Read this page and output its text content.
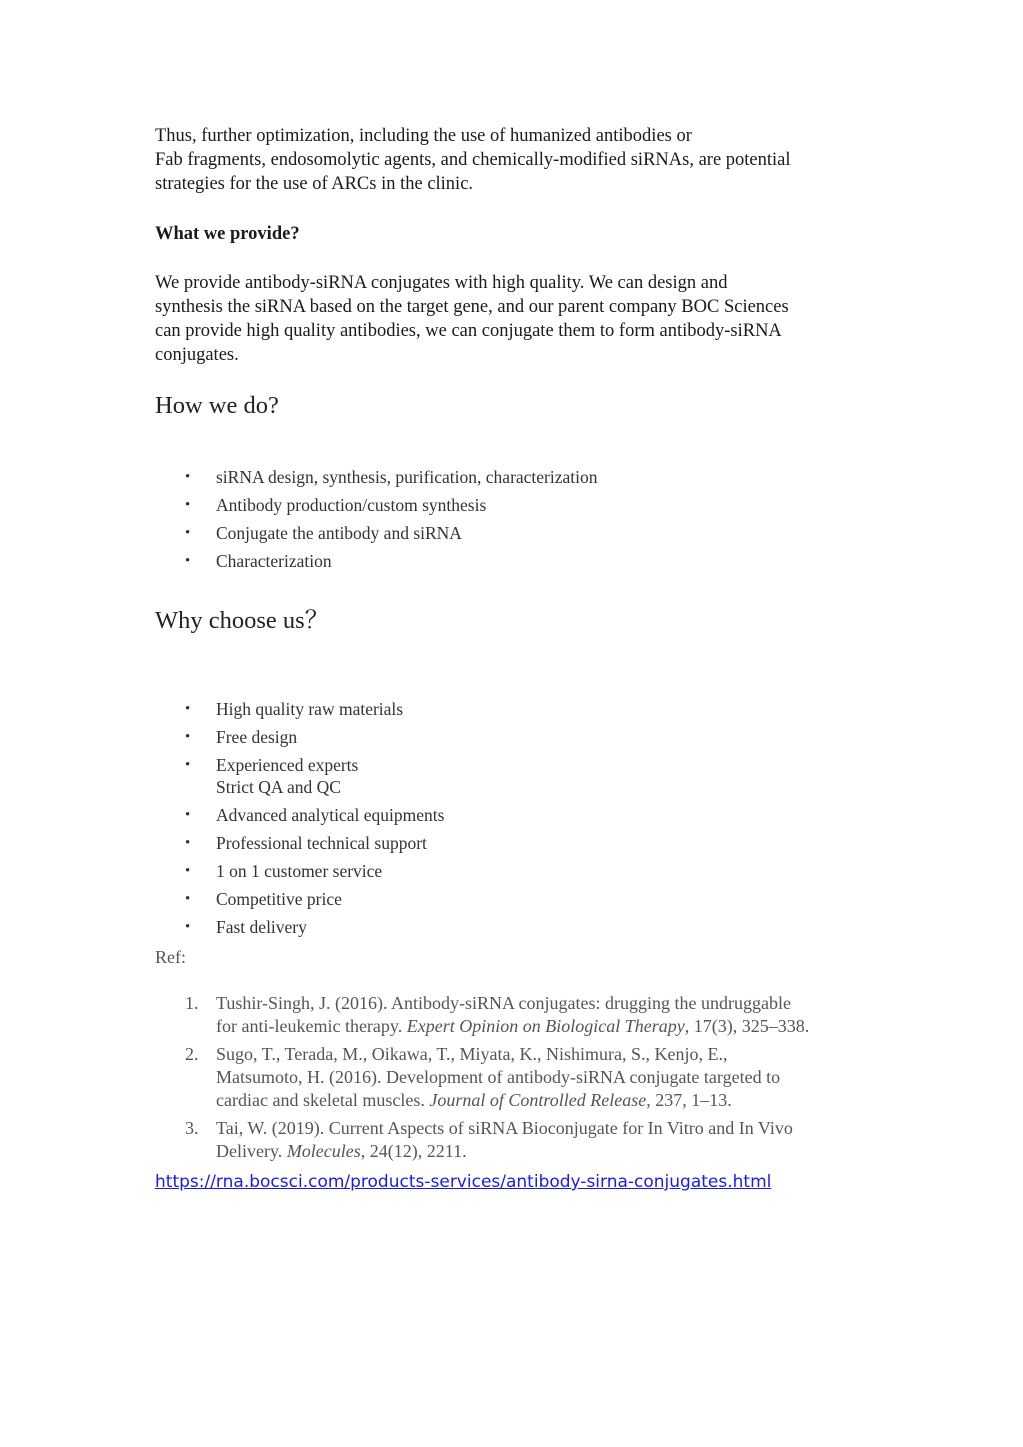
Thus, further optimization, including the use of humanized antibodies or
Fab fragments, endosomolytic agents, and chemically-modified siRNAs, are potential
strategies for the use of ARCs in the clinic.

What we provide?

We provide antibody-siRNA conjugates with high quality. We can design and
synthesis the siRNA based on the target gene, and our parent company BOC Sciences
can provide high quality antibodies, we can conjugate them to form antibody-siRNA
conjugates.

How we do?
•	siRNA design, synthesis, purification, characterization
•	Antibody production/custom synthesis
•	Conjugate the antibody and siRNA
•	Characterization
Why choose us？
•	High quality raw materials
•	Free design
•	Experienced experts
Strict QA and QC
•	Advanced analytical equipments
•	Professional technical support
•	1 on 1 customer service
•	Competitive price
•	Fast delivery

Ref:

1. Tushir-Singh, J. (2016). Antibody-siRNA conjugates: drugging the undruggable
for anti-leukemic therapy. Expert Opinion on Biological Therapy, 17(3), 325–338.
2. Sugo, T., Terada, M., Oikawa, T., Miyata, K., Nishimura, S., Kenjo, E.,
Matsumoto, H. (2016). Development of antibody-siRNA conjugate targeted to
cardiac and skeletal muscles. Journal of Controlled Release, 237, 1–13.
3. Tai, W. (2019). Current Aspects of siRNA Bioconjugate for In Vitro and In Vivo
Delivery. Molecules, 24(12), 2211.
https://rna.bocsci.com/products-services/antibody-sirna-conjugates.html
